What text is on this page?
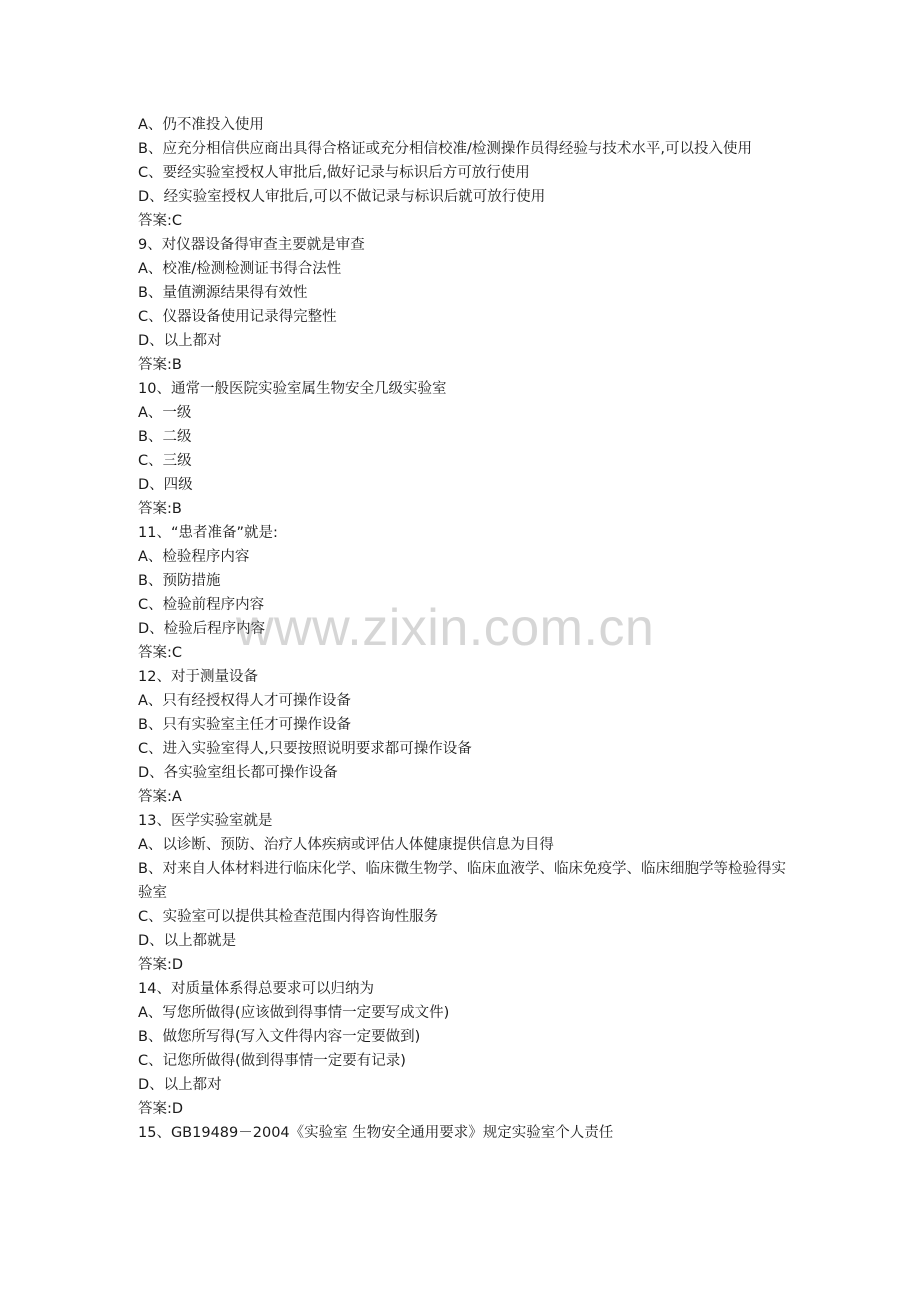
www.zixin.com.cn
A、仍不准投入使用
B、应充分相信供应商出具得合格证或充分相信校准/检测操作员得经验与技术水平,可以投入使用
C、要经实验室授权人审批后,做好记录与标识后方可放行使用
D、经实验室授权人审批后,可以不做记录与标识后就可放行使用
答案:C
9、对仪器设备得审查主要就是审查
A、校准/检测检测证书得合法性
B、量值溯源结果得有效性
C、仪器设备使用记录得完整性
D、以上都对
答案:B
10、通常一般医院实验室属生物安全几级实验室
A、一级
B、二级
C、三级
D、四级
答案:B
11、“患者准备”就是:
A、检验程序内容
B、预防措施
C、检验前程序内容
D、检验后程序内容
答案:C
12、对于测量设备
A、只有经授权得人才可操作设备
B、只有实验室主任才可操作设备
C、进入实验室得人,只要按照说明要求都可操作设备
D、各实验室组长都可操作设备
答案:A
13、医学实验室就是
A、以诊断、预防、治疗人体疾病或评估人体健康提供信息为目得
B、对来自人体材料进行临床化学、临床微生物学、临床血液学、临床免疫学、临床细胞学等检验得实验室
C、实验室可以提供其检查范围内得咨询性服务
D、以上都就是
答案:D
14、对质量体系得总要求可以归纳为
A、写您所做得(应该做到得事情一定要写成文件)
B、做您所写得(写入文件得内容一定要做到)
C、记您所做得(做到得事情一定要有记录)
D、以上都对
答案:D
15、GB19489－2004《实验室 生物安全通用要求》规定实验室个人责任
